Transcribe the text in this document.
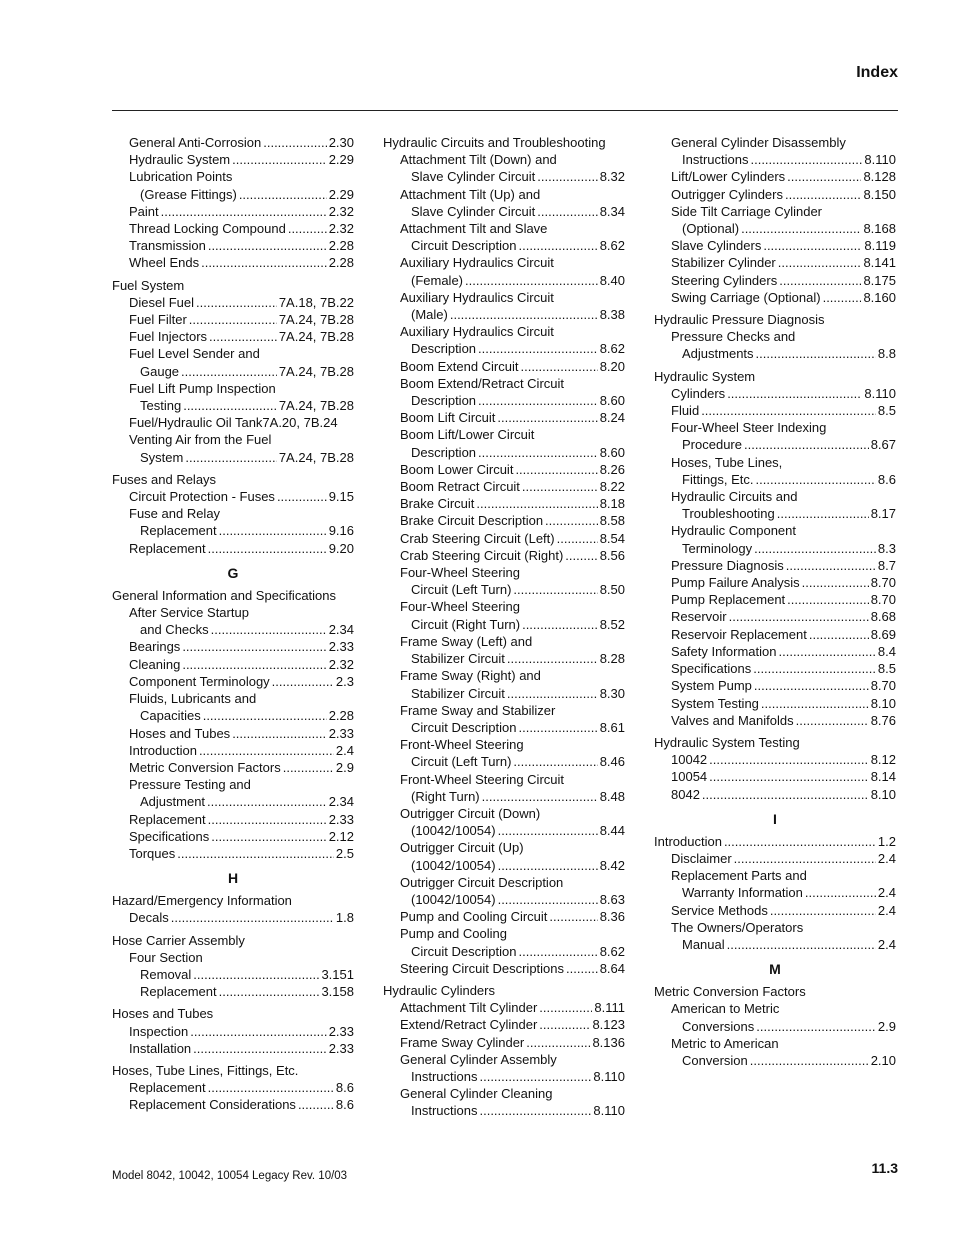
Index
General Anti-Corrosion .....	2.30
Hydraulic System .....	2.29
Lubrication Points
(Grease Fittings) .....	2.29
Paint .....	2.32
Thread Locking Compound .....	2.32
Transmission .....	2.28
Wheel Ends .....	2.28
Fuel System
Diesel Fuel .....	7A.18, 7B.22
Fuel Filter .....	7A.24, 7B.28
Fuel Injectors .....	7A.24, 7B.28
Fuel Level Sender and
Gauge .....	7A.24, 7B.28
Fuel Lift Pump Inspection
Testing .....	7A.24, 7B.28
Fuel/Hydraulic Oil Tank7A.20, 7B.24
Venting Air from the Fuel
System .....	7A.24, 7B.28
Fuses and Relays
Circuit Protection - Fuses .....	9.15
Fuse and Relay
Replacement .....	9.16
Replacement .....	9.20
G
General Information and Specifications
After Service Startup
and Checks .....	2.34
Bearings .....	2.33
Cleaning .....	2.32
Component Terminology .....	2.3
Fluids, Lubricants and
Capacities .....	2.28
Hoses and Tubes .....	2.33
Introduction .....	2.4
Metric Conversion Factors .....	2.9
Pressure Testing and
Adjustment .....	2.34
Replacement .....	2.33
Specifications .....	2.12
Torques .....	2.5
H
Hazard/Emergency Information
Decals .....	1.8
Hose Carrier Assembly
Four Section
Removal .....	3.151
Replacement .....	3.158
Hoses and Tubes
Inspection .....	2.33
Installation .....	2.33
Hoses, Tube Lines, Fittings, Etc.
Replacement .....	8.6
Replacement Considerations .....	8.6
Hydraulic Circuits and Troubleshooting
Attachment Tilt (Down) and
Slave Cylinder Circuit .....	8.32
Attachment Tilt (Up) and
Slave Cylinder Circuit .....	8.34
Attachment Tilt and Slave
Circuit Description .....	8.62
Auxiliary Hydraulics Circuit
(Female) .....	8.40
Auxiliary Hydraulics Circuit
(Male) .....	8.38
Auxiliary Hydraulics Circuit
Description .....	8.62
Boom Extend Circuit .....	8.20
Boom Extend/Retract Circuit
Description .....	8.60
Boom Lift Circuit .....	8.24
Boom Lift/Lower Circuit
Description .....	8.60
Boom Lower Circuit .....	8.26
Boom Retract Circuit .....	8.22
Brake Circuit .....	8.18
Brake Circuit Description .....	8.58
Crab Steering Circuit (Left) .....	8.54
Crab Steering Circuit (Right) .....	8.56
Four-Wheel Steering
Circuit (Left Turn) .....	8.50
Four-Wheel Steering
Circuit (Right Turn) .....	8.52
Frame Sway (Left) and
Stabilizer Circuit .....	8.28
Frame Sway (Right) and
Stabilizer Circuit .....	8.30
Frame Sway and Stabilizer
Circuit Description .....	8.61
Front-Wheel Steering
Circuit (Left Turn) .....	8.46
Front-Wheel Steering Circuit
(Right Turn) .....	8.48
Outrigger Circuit (Down)
(10042/10054) .....	8.44
Outrigger Circuit (Up)
(10042/10054) .....	8.42
Outrigger Circuit Description
(10042/10054) .....	8.63
Pump and Cooling Circuit .....	8.36
Pump and Cooling
Circuit Description .....	8.62
Steering Circuit Descriptions .....	8.64
Hydraulic Cylinders
Attachment Tilt Cylinder .....	8.111
Extend/Retract Cylinder .....	8.123
Frame Sway Cylinder .....	8.136
General Cylinder Assembly
Instructions .....	8.110
General Cylinder Cleaning
Instructions .....	8.110
General Cylinder Disassembly
Instructions .....	8.110
Lift/Lower Cylinders .....	8.128
Outrigger Cylinders .....	8.150
Side Tilt Carriage Cylinder
(Optional) .....	8.168
Slave Cylinders .....	8.119
Stabilizer Cylinder .....	8.141
Steering Cylinders .....	8.175
Swing Carriage (Optional) .....	8.160
Hydraulic Pressure Diagnosis
Pressure Checks and
Adjustments .....	8.8
Hydraulic System
Cylinders .....	8.110
Fluid .....	8.5
Four-Wheel Steer Indexing
Procedure .....	8.67
Hoses, Tube Lines,
Fittings, Etc. .....	8.6
Hydraulic Circuits and
Troubleshooting .....	8.17
Hydraulic Component
Terminology .....	8.3
Pressure Diagnosis .....	8.7
Pump Failure Analysis .....	8.70
Pump Replacement .....	8.70
Reservoir .....	8.68
Reservoir Replacement .....	8.69
Safety Information .....	8.4
Specifications .....	8.5
System Pump .....	8.70
System Testing .....	8.10
Valves and Manifolds .....	8.76
Hydraulic System Testing
10042 .....	8.12
10054 .....	8.14
8042 .....	8.10
I
Introduction .....	1.2
Disclaimer .....	2.4
Replacement Parts and
Warranty Information .....	2.4
Service Methods .....	2.4
The Owners/Operators
Manual .....	2.4
M
Metric Conversion Factors
American to Metric
Conversions .....	2.9
Metric to American
Conversion .....	2.10
Model 8042, 10042, 10054 Legacy Rev. 10/03	11.3
